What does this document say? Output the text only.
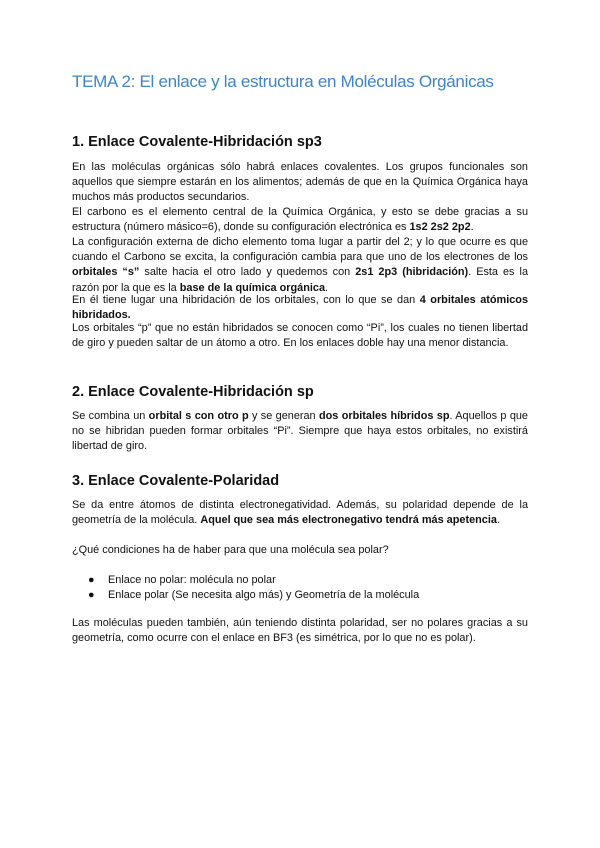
TEMA 2: El enlace y la estructura en Moléculas Orgánicas
1. Enlace Covalente-Hibridación sp3

En las moléculas orgánicas sólo habrá enlaces covalentes. Los grupos funcionales son aquellos que siempre estarán en los alimentos; además de que en la Química Orgánica haya muchos más productos secundarios.

El carbono es el elemento central de la Química Orgánica, y esto se debe gracias a su estructura (número másico=6), donde su configuración electrónica es 1s2 2s2 2p2.

La configuración externa de dicho elemento toma lugar a partir del 2; y lo que ocurre es que cuando el Carbono se excita, la configuración cambia para que uno de los electrones de los orbitales “s” salte hacia el otro lado y quedemos con 2s1 2p3 (hibridación). Esta es la razón por la que es la base de la química orgánica.

En él tiene lugar una hibridación de los orbitales, con lo que se dan 4 orbitales atómicos hibridados.

Los orbitales “p” que no están hibridados se conocen como “Pi”, los cuales no tienen libertad de giro y pueden saltar de un átomo a otro. En los enlaces doble hay una menor distancia.

2. Enlace Covalente-Hibridación sp

Se combina un orbital s con otro p y se generan dos orbitales híbridos sp. Aquellos p que no se hibridan pueden formar orbitales “Pi”. Siempre que haya estos orbitales, no existirá libertad de giro.

3. Enlace Covalente-Polaridad

Se da entre átomos de distinta electronegatividad. Además, su polaridad depende de la geometría de la molécula. Aquel que sea más electronegativo tendrá más apetencia.

¿Qué condiciones ha de haber para que una molécula sea polar?

● Enlace no polar: molécula no polar
● Enlace polar (Se necesita algo más) y Geometría de la molécula

Las moléculas pueden también, aún teniendo distinta polaridad, ser no polares gracias a su geometría, como ocurre con el enlace en BF3 (es simétrica, por lo que no es polar).
